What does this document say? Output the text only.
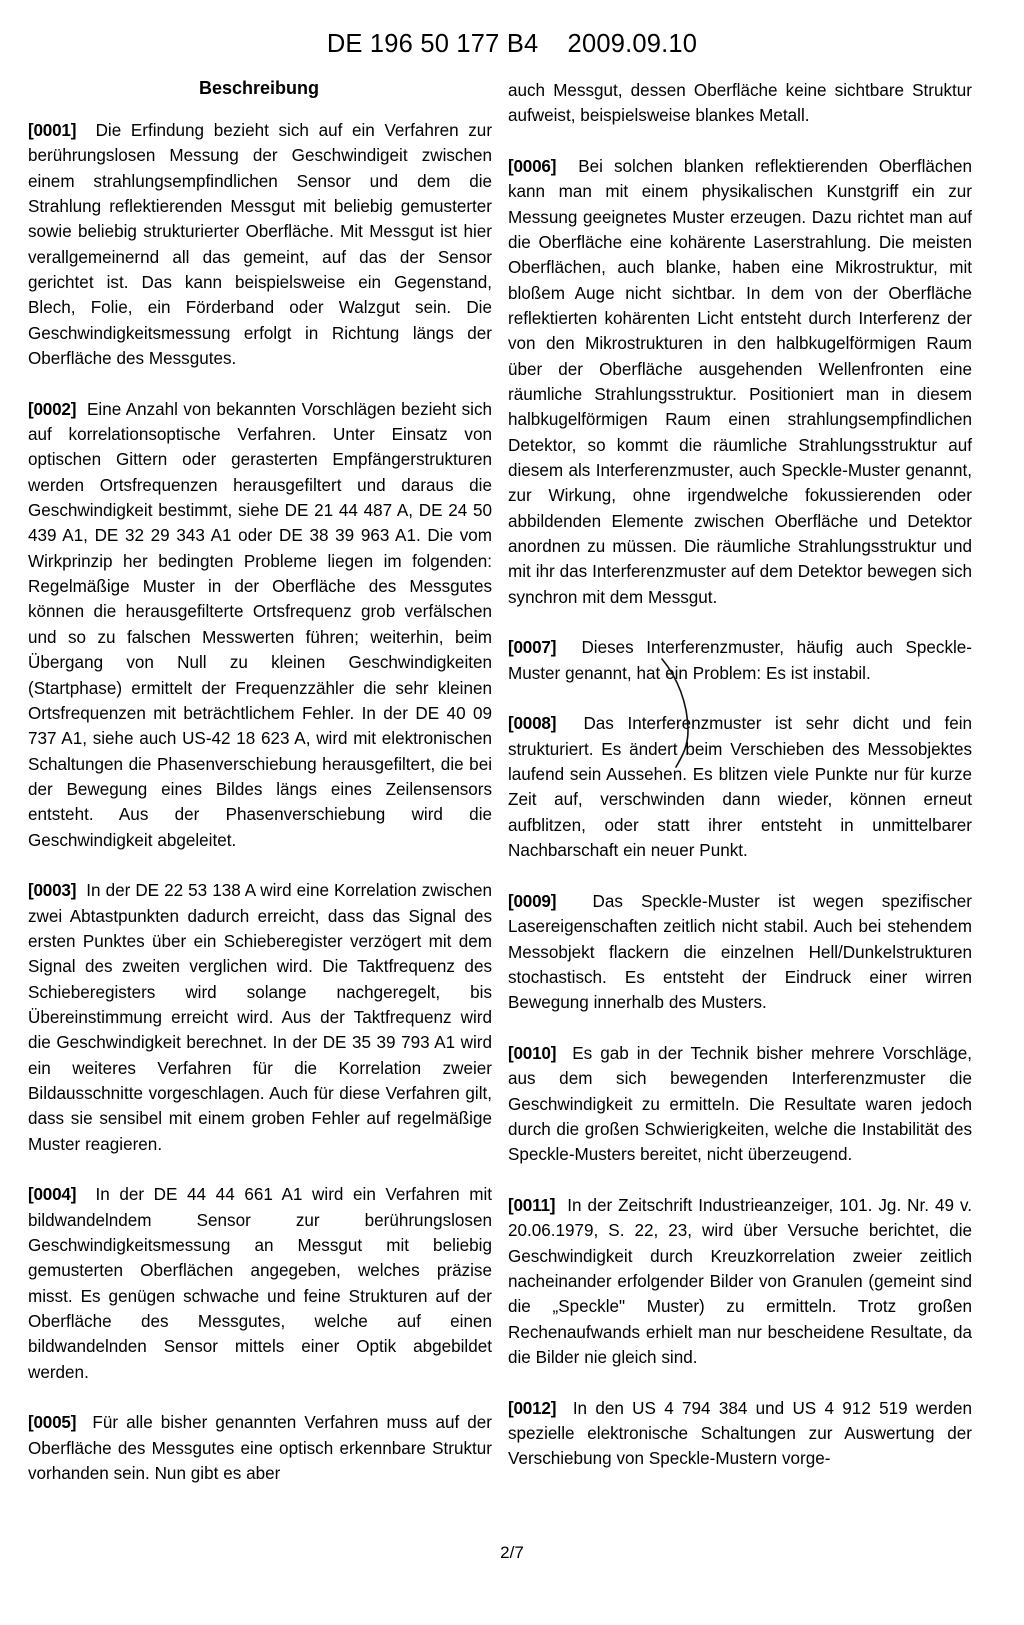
DE 196 50 177 B4    2009.09.10
Beschreibung

[0001] Die Erfindung bezieht sich auf ein Verfahren zur berührungslosen Messung der Geschwindigeit zwischen einem strahlungsempfindlichen Sensor und dem die Strahlung reflektierenden Messgut mit beliebig gemusterter sowie beliebig strukturierter Oberfläche. Mit Messgut ist hier verallgemeinernd all das gemeint, auf das der Sensor gerichtet ist. Das kann beispielsweise ein Gegenstand, Blech, Folie, ein Förderband oder Walzgut sein. Die Geschwindigkeitsmessung erfolgt in Richtung längs der Oberfläche des Messgutes.

[0002] Eine Anzahl von bekannten Vorschlägen bezieht sich auf korrelationsoptische Verfahren. Unter Einsatz von optischen Gittern oder gerasterten Empfängerstrukturen werden Ortsfrequenzen herausgefiltert und daraus die Geschwindigkeit bestimmt, siehe DE 21 44 487 A, DE 24 50 439 A1, DE 32 29 343 A1 oder DE 38 39 963 A1. Die vom Wirkprinzip her bedingten Probleme liegen im folgenden: Regelmäßige Muster in der Oberfläche des Messgutes können die herausgefilterte Ortsfrequenz grob verfälschen und so zu falschen Messwerten führen; weiterhin, beim Übergang von Null zu kleinen Geschwindigkeiten (Startphase) ermittelt der Frequenzzähler die sehr kleinen Ortsfrequenzen mit beträchtlichem Fehler. In der DE 40 09 737 A1, siehe auch US-42 18 623 A, wird mit elektronischen Schaltungen die Phasenverschiebung herausgefiltert, die bei der Bewegung eines Bildes längs eines Zeilensensors entsteht. Aus der Phasenverschiebung wird die Geschwindigkeit abgeleitet.

[0003] In der DE 22 53 138 A wird eine Korrelation zwischen zwei Abtastpunkten dadurch erreicht, dass das Signal des ersten Punktes über ein Schieberegister verzögert mit dem Signal des zweiten verglichen wird. Die Taktfrequenz des Schieberegisters wird solange nachgeregelt, bis Übereinstimmung erreicht wird. Aus der Taktfrequenz wird die Geschwindigkeit berechnet. In der DE 35 39 793 A1 wird ein weiteres Verfahren für die Korrelation zweier Bildausschnitte vorgeschlagen. Auch für diese Verfahren gilt, dass sie sensibel mit einem groben Fehler auf regelmäßige Muster reagieren.

[0004] In der DE 44 44 661 A1 wird ein Verfahren mit bildwandelndem Sensor zur berührungslosen Geschwindigkeitsmessung an Messgut mit beliebig gemusterten Oberflächen angegeben, welches präzise misst. Es genügen schwache und feine Strukturen auf der Oberfläche des Messgutes, welche auf einen bildwandelnden Sensor mittels einer Optik abgebildet werden.

[0005] Für alle bisher genannten Verfahren muss auf der Oberfläche des Messgutes eine optisch erkennbare Struktur vorhanden sein. Nun gibt es aber

auch Messgut, dessen Oberfläche keine sichtbare Struktur aufweist, beispielsweise blankes Metall.

[0006] Bei solchen blanken reflektierenden Oberflächen kann man mit einem physikalischen Kunstgriff ein zur Messung geeignetes Muster erzeugen. Dazu richtet man auf die Oberfläche eine kohärente Laserstrahlung. Die meisten Oberflächen, auch blanke, haben eine Mikrostruktur, mit bloßem Auge nicht sichtbar. In dem von der Oberfläche reflektierten kohärenten Licht entsteht durch Interferenz der von den Mikrostrukturen in den halbkugelförmigen Raum über der Oberfläche ausgehenden Wellenfronten eine räumliche Strahlungsstruktur. Positioniert man in diesem halbkugelförmigen Raum einen strahlungsempfindlichen Detektor, so kommt die räumliche Strahlungsstruktur auf diesem als Interferenzmuster, auch Speckle-Muster genannt, zur Wirkung, ohne irgendwelche fokussierenden oder abbildenden Elemente zwischen Oberfläche und Detektor anordnen zu müssen. Die räumliche Strahlungsstruktur und mit ihr das Interferenzmuster auf dem Detektor bewegen sich synchron mit dem Messgut.

[0007] Dieses Interferenzmuster, häufig auch Speckle-Muster genannt, hat ein Problem: Es ist instabil.

[0008] Das Interferenzmuster ist sehr dicht und fein strukturiert. Es ändert beim Verschieben des Messobjektes laufend sein Aussehen. Es blitzen viele Punkte nur für kurze Zeit auf, verschwinden dann wieder, können erneut aufblitzen, oder statt ihrer entsteht in unmittelbarer Nachbarschaft ein neuer Punkt.

[0009] Das Speckle-Muster ist wegen spezifischer Lasereigenschaften zeitlich nicht stabil. Auch bei stehendem Messobjekt flackern die einzelnen Hell/Dunkelstrukturen stochastisch. Es entsteht der Eindruck einer wirren Bewegung innerhalb des Musters.

[0010] Es gab in der Technik bisher mehrere Vorschläge, aus dem sich bewegenden Interferenzmuster die Geschwindigkeit zu ermitteln. Die Resultate waren jedoch durch die großen Schwierigkeiten, welche die Instabilität des Speckle-Musters bereitet, nicht überzeugend.

[0011] In der Zeitschrift Industrieanzeiger, 101. Jg. Nr. 49 v. 20.06.1979, S. 22, 23, wird über Versuche berichtet, die Geschwindigkeit durch Kreuzkorrelation zweier zeitlich nacheinander erfolgender Bilder von Granulen (gemeint sind die „Speckle" Muster) zu ermitteln. Trotz großen Rechenaufwands erhielt man nur bescheidene Resultate, da die Bilder nie gleich sind.

[0012] In den US 4 794 384 und US 4 912 519 werden spezielle elektronische Schaltungen zur Auswertung der Verschiebung von Speckle-Mustern vorge-

2/7
